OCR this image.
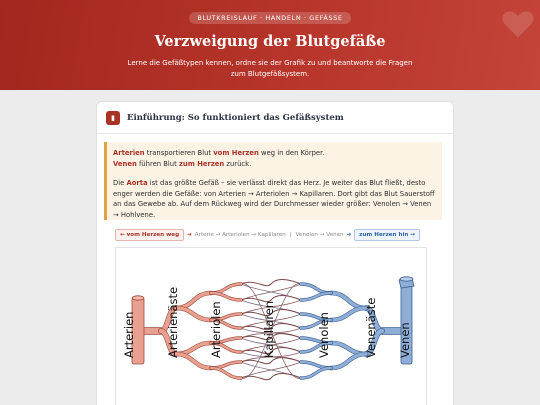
BLUTKREISLAUF · HANDELN · GEFÄSSE
Verzweigung der Blutgefäße
Lerne die Gefäßtypen kennen, ordne sie der Grafik zu und beantworte die Fragen
zum Blutgefäßsystem.
▮	Einführung: So funktioniert das Gefäßsystem

Arterien transportieren Blut vom Herzen weg in den Körper.
Venen führen Blut zum Herzen zurück.

Die Aorta ist das größte Gefäß – sie verlässt direkt das Herz. Je weiter das Blut fließt, desto enger werden die Gefäße: von Arterien → Arteriolen → Kapillaren. Dort gibt das Blut Sauerstoff an das Gewebe ab. Auf dem Rückweg wird der Durchmesser wieder größer: Venolen → Venen → Hohlvene.

← vom Herzen weg	➔ Arterie → Arteriolen → Kapillaren | Venolen → Venen ➔	zum Herzen hin →
Arterien	Arterienäste	Arteriolen	Kapillaren	Venolen	Venenäste Venen
